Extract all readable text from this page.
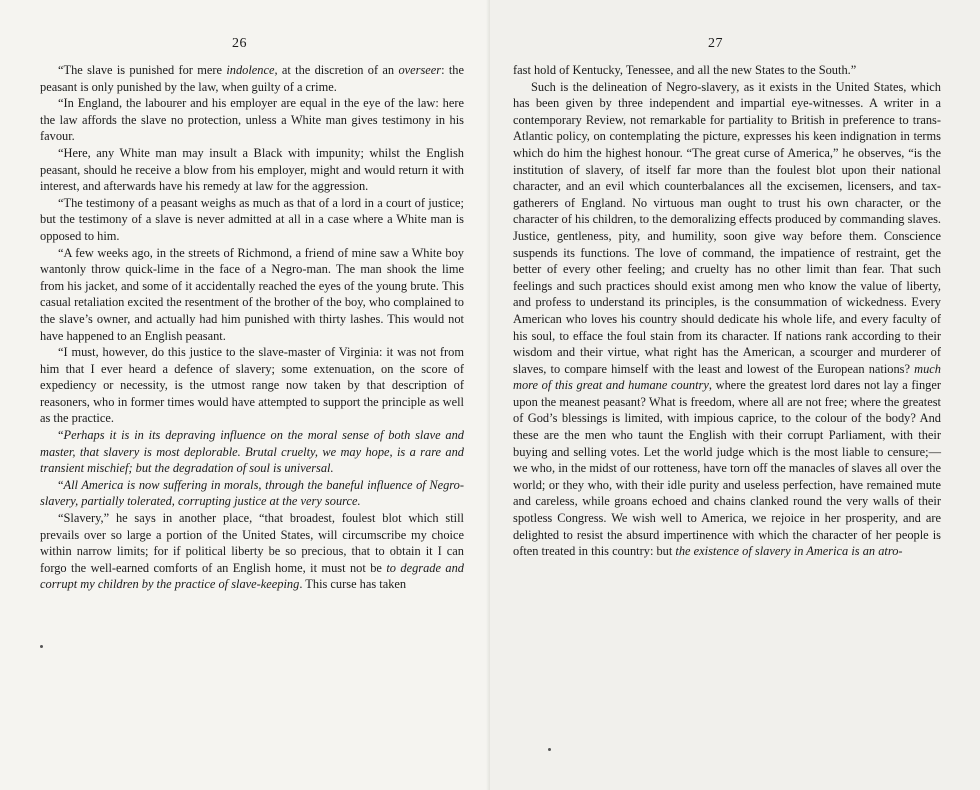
26

“The slave is punished for mere indolence, at the discretion of an overseer: the peasant is only punished by the law, when guilty of a crime.

“In England, the labourer and his employer are equal in the eye of the law: here the law affords the slave no protection, unless a White man gives testimony in his favour.

“Here, any White man may insult a Black with impunity; whilst the English peasant, should he receive a blow from his employer, might and would return it with interest, and afterwards have his remedy at law for the aggression.

“The testimony of a peasant weighs as much as that of a lord in a court of justice; but the testimony of a slave is never admitted at all in a case where a White man is opposed to him.

“A few weeks ago, in the streets of Richmond, a friend of mine saw a White boy wantonly throw quick-lime in the face of a Negro-man. The man shook the lime from his jacket, and some of it accidentally reached the eyes of the young brute. This casual retaliation excited the resentment of the brother of the boy, who complained to the slave’s owner, and actually had him punished with thirty lashes. This would not have happened to an English peasant.

“I must, however, do this justice to the slave-master of Virginia: it was not from him that I ever heard a defence of slavery; some extenuation, on the score of expediency or necessity, is the utmost range now taken by that description of reasoners, who in former times would have attempted to support the principle as well as the practice.

“Perhaps it is in its depraving influence on the moral sense of both slave and master, that slavery is most deplorable. Brutal cruelty, we may hope, is a rare and transient mischief; but the degradation of soul is universal.

“All America is now suffering in morals, through the baneful influence of Negro-slavery, partially tolerated, corrupting justice at the very source.

“Slavery,” he says in another place, “that broadest, foulest blot which still prevails over so large a portion of the United States, will circumscribe my choice within narrow limits; for if political liberty be so precious, that to obtain it I can forgo the well-earned comforts of an English home, it must not be to degrade and corrupt my children by the practice of slave-keeping. This curse has taken

27

fast hold of Kentucky, Tenessee, and all the new States to the South.”

Such is the delineation of Negro-slavery, as it exists in the United States, which has been given by three independent and impartial eye-witnesses. A writer in a contemporary Review, not remarkable for partiality to British in preference to trans-Atlantic policy, on contemplating the picture, expresses his keen indignation in terms which do him the highest honour. “The great curse of America,” he observes, “is the institution of slavery, of itself far more than the foulest blot upon their national character, and an evil which counterbalances all the excisemen, licensers, and tax-gatherers of England. No virtuous man ought to trust his own character, or the character of his children, to the demoralizing effects produced by commanding slaves. Justice, gentleness, pity, and humility, soon give way before them. Conscience suspends its functions. The love of command, the impatience of restraint, get the better of every other feeling; and cruelty has no other limit than fear. That such feelings and such practices should exist among men who know the value of liberty, and profess to understand its principles, is the consummation of wickedness. Every American who loves his country should dedicate his whole life, and every faculty of his soul, to efface the foul stain from its character. If nations rank according to their wisdom and their virtue, what right has the American, a scourger and murderer of slaves, to compare himself with the least and lowest of the European nations? much more of this great and humane country, where the greatest lord dares not lay a finger upon the meanest peasant? What is freedom, where all are not free; where the greatest of God’s blessings is limited, with impious caprice, to the colour of the body? And these are the men who taunt the English with their corrupt Parliament, with their buying and selling votes. Let the world judge which is the most liable to censure;—we who, in the midst of our rotteness, have torn off the manacles of slaves all over the world; or they who, with their idle purity and useless perfection, have remained mute and careless, while groans echoed and chains clanked round the very walls of their spotless Congress. We wish well to America, we rejoice in her prosperity, and are delighted to resist the absurd impertinence with which the character of her people is often treated in this country: but the existence of slavery in America is an atro-
